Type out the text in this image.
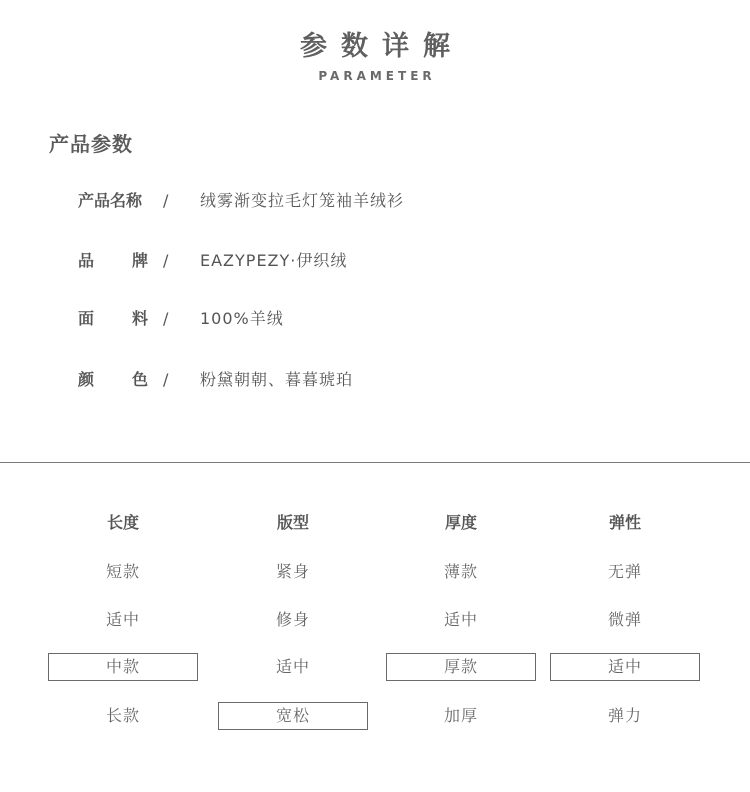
参数详解
PARAMETER
产品参数
产品名称 / 绒雾渐变拉毛灯笼袖羊绒衫
品 牌 / EAZYPEZY·伊织绒
面 料 / 100%羊绒
颜 色 / 粉黛朝朝、暮暮琥珀
长度
短款
适中
中款
长款
版型
紧身
修身
适中
宽松
厚度
薄款
适中
厚款
加厚
弹性
无弹
微弹
适中
弹力
